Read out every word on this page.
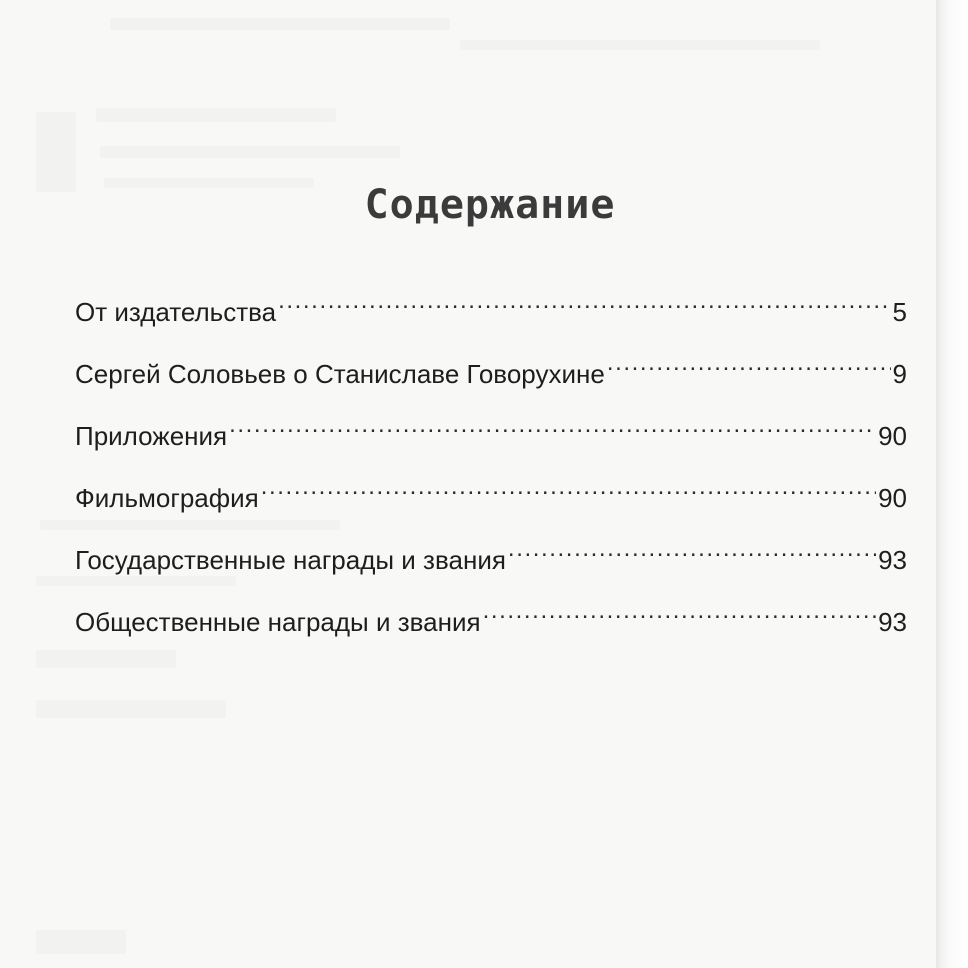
Содержание
От издательства .....	5
Сергей Соловьев о Станиславе Говорухине .....	9
Приложения .....	90
Фильмография .....	90
Государственные награды и звания .....	93
Общественные награды и звания .....	93
